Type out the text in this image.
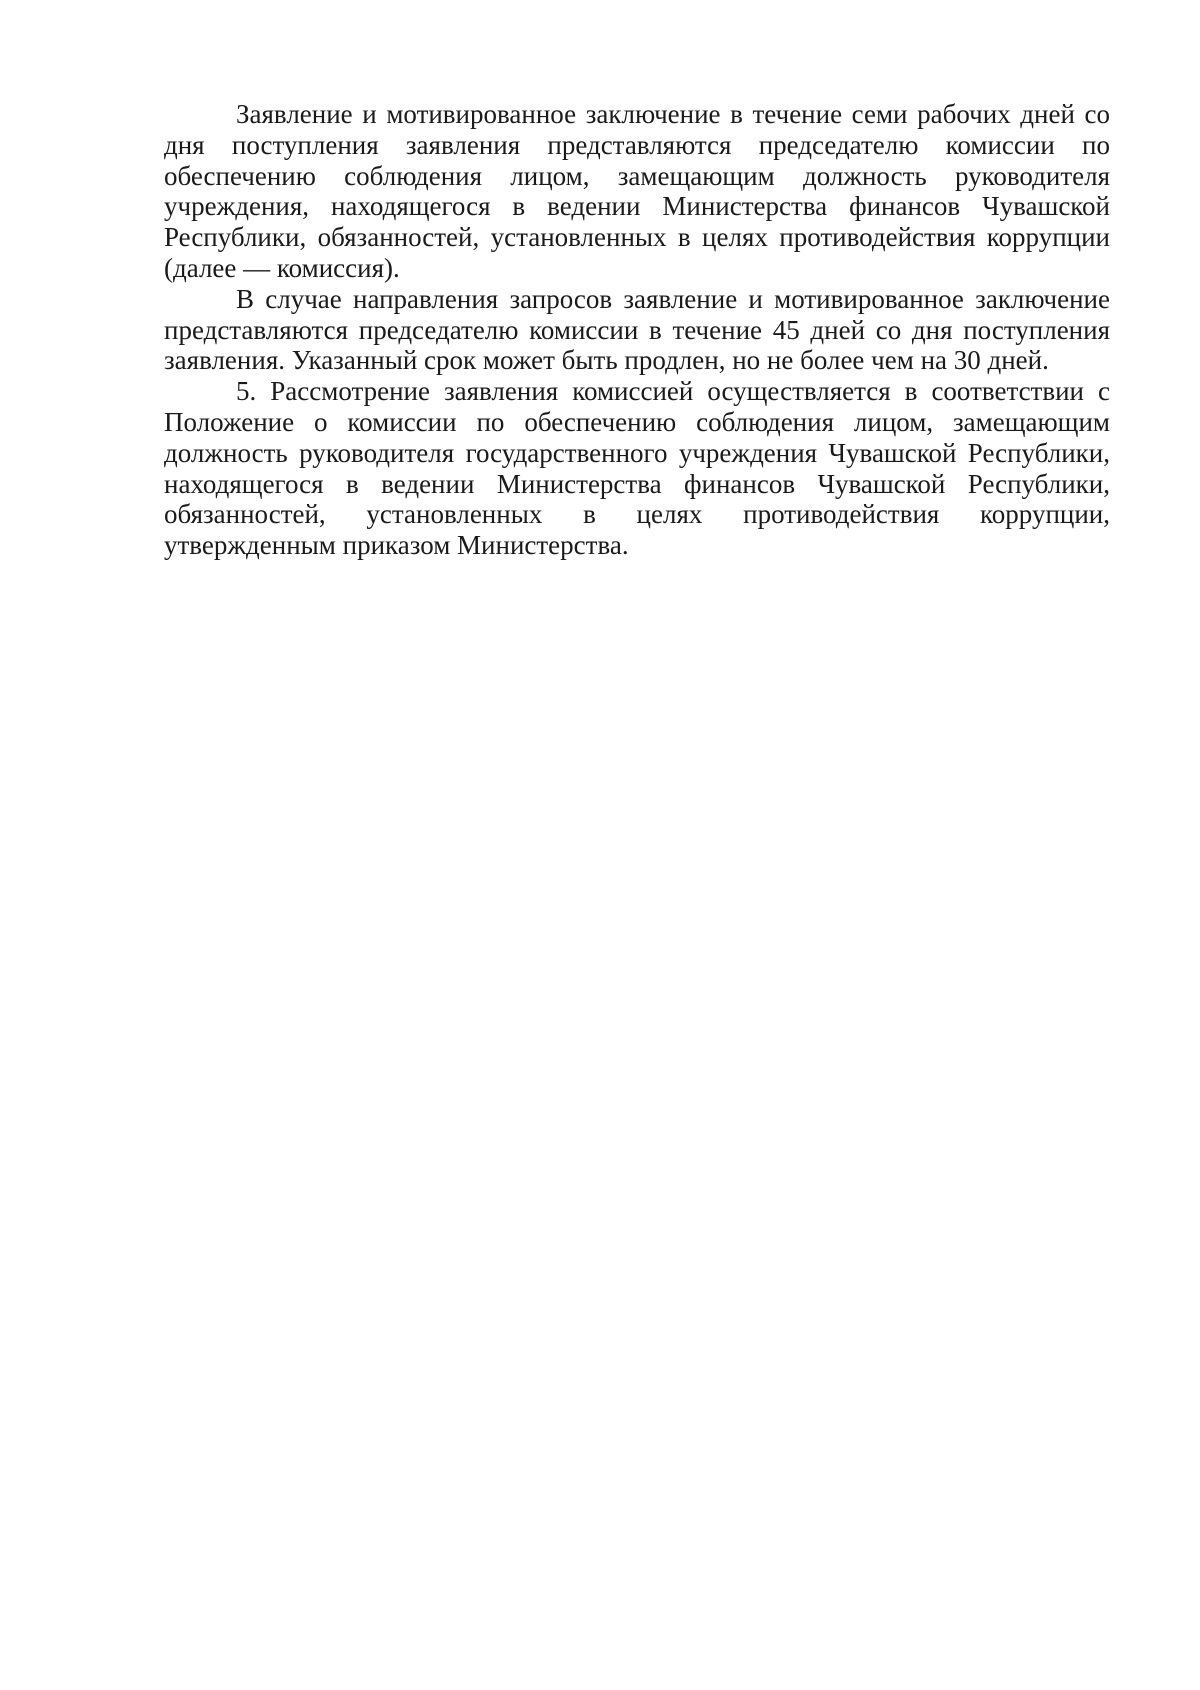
Заявление и мотивированное заключение в течение семи рабочих дней со дня поступления заявления представляются председателю комиссии по обеспечению соблюдения лицом, замещающим должность руководителя учреждения, находящегося в ведении Министерства финансов Чувашской Республики, обязанностей, установленных в целях противодействия коррупции (далее — комиссия).

В случае направления запросов заявление и мотивированное заключение представляются председателю комиссии в течение 45 дней со дня поступления заявления. Указанный срок может быть продлен, но не более чем на 30 дней.

5. Рассмотрение заявления комиссией осуществляется в соответствии с Положение о комиссии по обеспечению соблюдения лицом, замещающим должность руководителя государственного учреждения Чувашской Республики, находящегося в ведении Министерства финансов Чувашской Республики, обязанностей, установленных в целях противодействия коррупции, утвержденным приказом Министерства.
